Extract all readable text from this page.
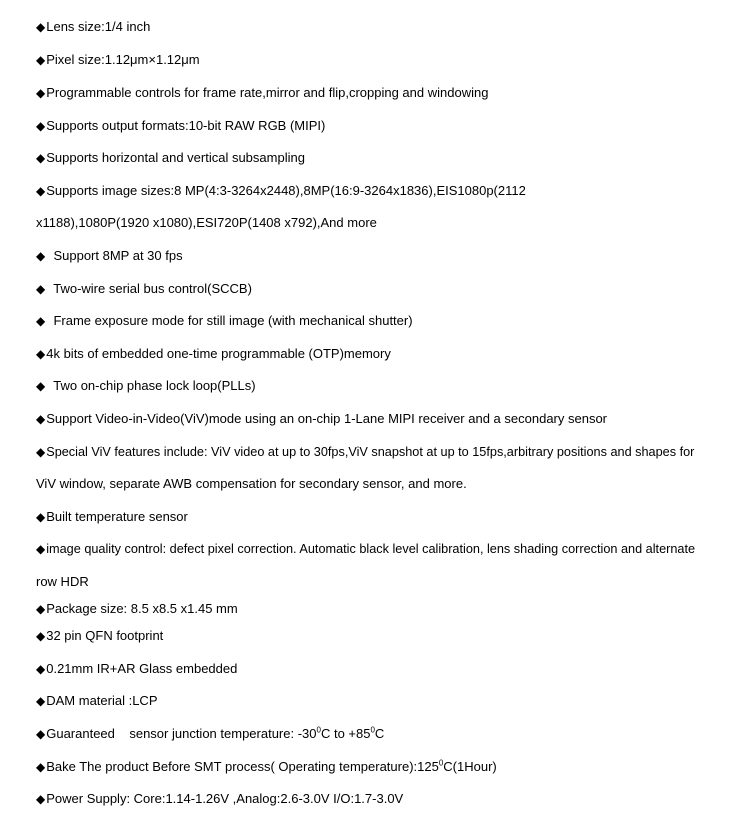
◆Lens size:1/4 inch
◆Pixel size:1.12μm×1.12μm
◆Programmable controls for frame rate,mirror and flip,cropping and windowing
◆Supports output formats:10-bit RAW RGB (MIPI)
◆Supports horizontal and vertical subsampling
◆Supports image sizes:8 MP(4:3-3264x2448),8MP(16:9-3264x1836),EIS1080p(2112
x1188),1080P(1920 x1080),ESI720P(1408 x792),And more
◆ Support 8MP at 30 fps
◆ Two-wire serial bus control(SCCB)
◆ Frame exposure mode for still image (with mechanical shutter)
◆4k bits of embedded one-time programmable (OTP)memory
◆ Two on-chip phase lock loop(PLLs)
◆Support Video-in-Video(ViV)mode using an on-chip 1-Lane MIPI receiver and a secondary sensor
◆Special ViV features include: ViV video at up to 30fps,ViV snapshot at up to 15fps,arbitrary positions and shapes for
ViV window, separate AWB compensation for secondary sensor, and more.
◆Built temperature sensor
◆image quality control: defect pixel correction. Automatic black level calibration, lens shading correction and alternate
row HDR
◆Package size: 8.5 x8.5 x1.45 mm
◆32 pin QFN footprint
◆0.21mm IR+AR Glass embedded
◆DAM material :LCP
◆Guaranteed    sensor junction temperature: $-30^0C$ to $+85^0C$
◆Bake The product Before SMT process( Operating $temperature):125^0C(1Hour)$
◆Power Supply: Core:1.14-1.26V ,Analog:2.6-3.0V I/O:1.7-3.0V
